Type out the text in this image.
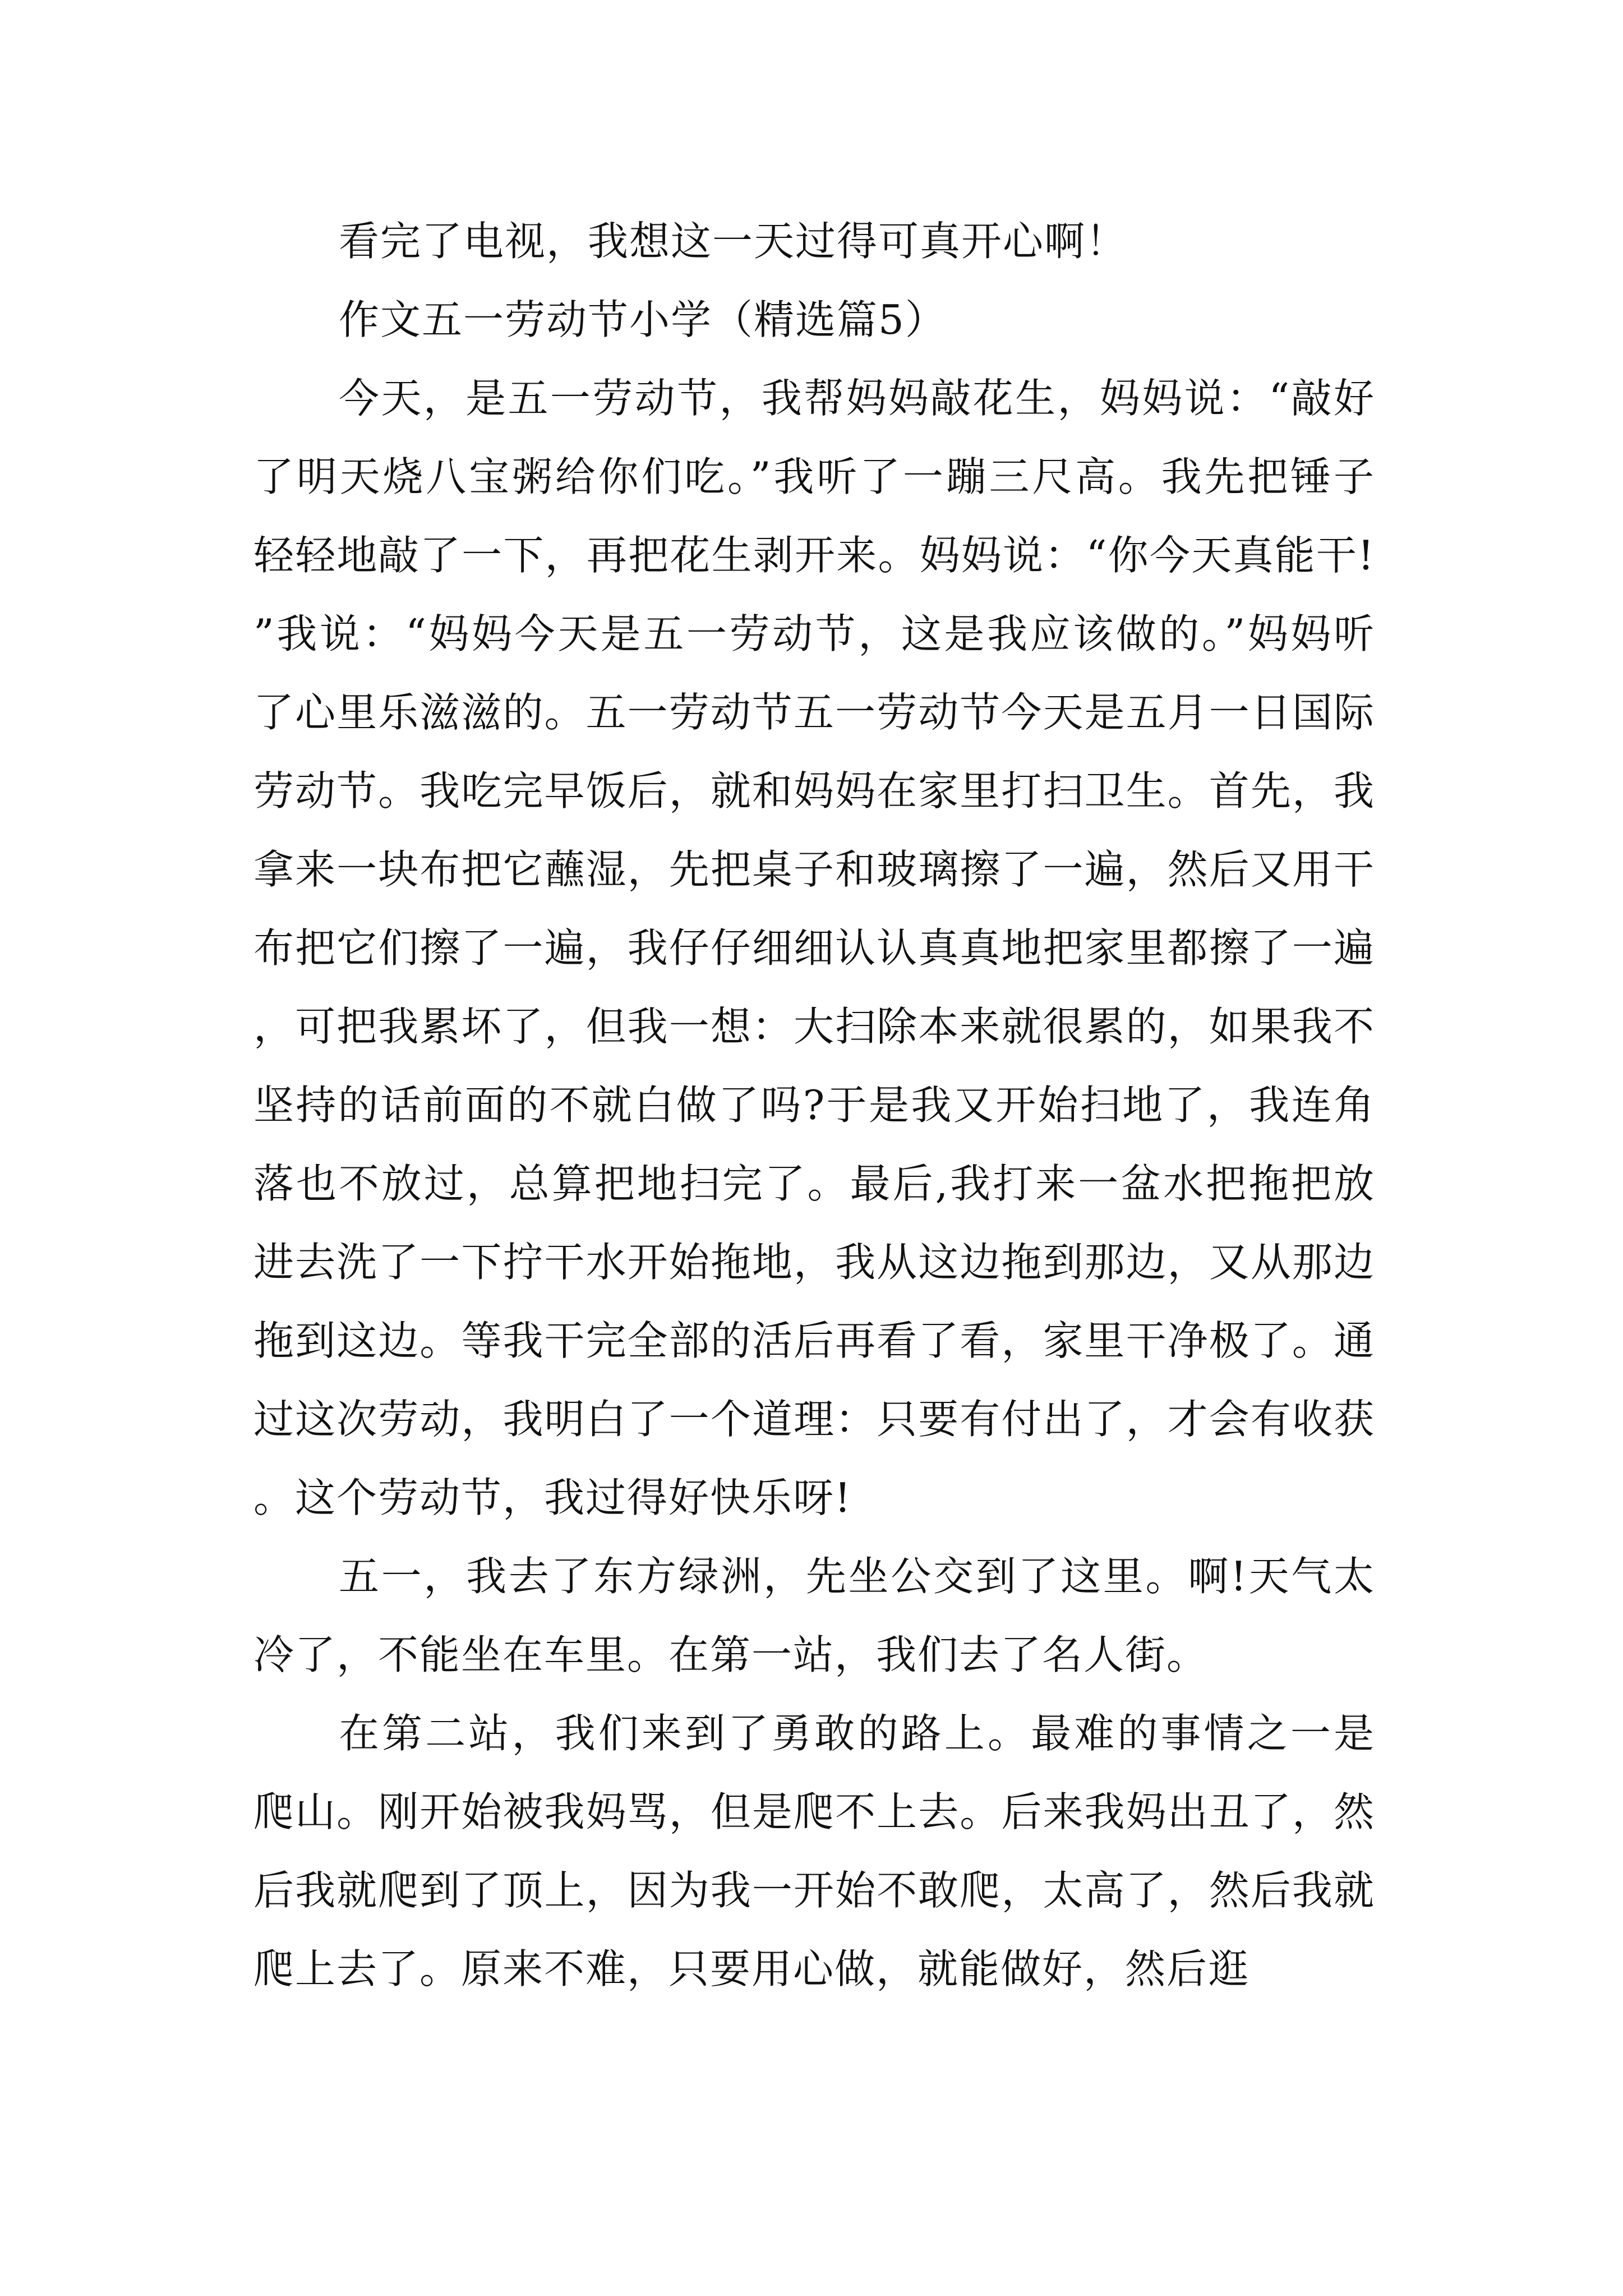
看完了电视，我想这一天过得可真开心啊！

作文五一劳动节小学（精选篇5）

今天，是五一劳动节，我帮妈妈敲花生，妈妈说：“敲好了明天烧八宝粥给你们吃。”我听了一蹦三尺高。我先把锤子轻轻地敲了一下，再把花生剥开来。妈妈说：“你今天真能干!”我说：“妈妈今天是五一劳动节，这是我应该做的。”妈妈听了心里乐滋滋的。五一劳动节五一劳动节今天是五月一日国际劳动节。我吃完早饭后，就和妈妈在家里打扫卫生。首先，我拿来一块布把它蘸湿，先把桌子和玻璃擦了一遍，然后又用干布把它们擦了一遍，我仔仔细细认认真真地把家里都擦了一遍，可把我累坏了，但我一想：大扫除本来就很累的，如果我不坚持的话前面的不就白做了吗?于是我又开始扫地了，我连角落也不放过，总算把地扫完了。最后,我打来一盆水把拖把放进去洗了一下拧干水开始拖地，我从这边拖到那边，又从那边拖到这边。等我干完全部的活后再看了看，家里干净极了。通过这次劳动，我明白了一个道理：只要有付出了，才会有收获。这个劳动节，我过得好快乐呀!

五一，我去了东方绿洲，先坐公交到了这里。啊!天气太冷了，不能坐在车里。在第一站，我们去了名人街。

在第二站，我们来到了勇敢的路上。最难的事情之一是爬山。刚开始被我妈骂，但是爬不上去。后来我妈出丑了，然后我就爬到了顶上，因为我一开始不敢爬，太高了，然后我就爬上去了。原来不难，只要用心做，就能做好，然后逛
